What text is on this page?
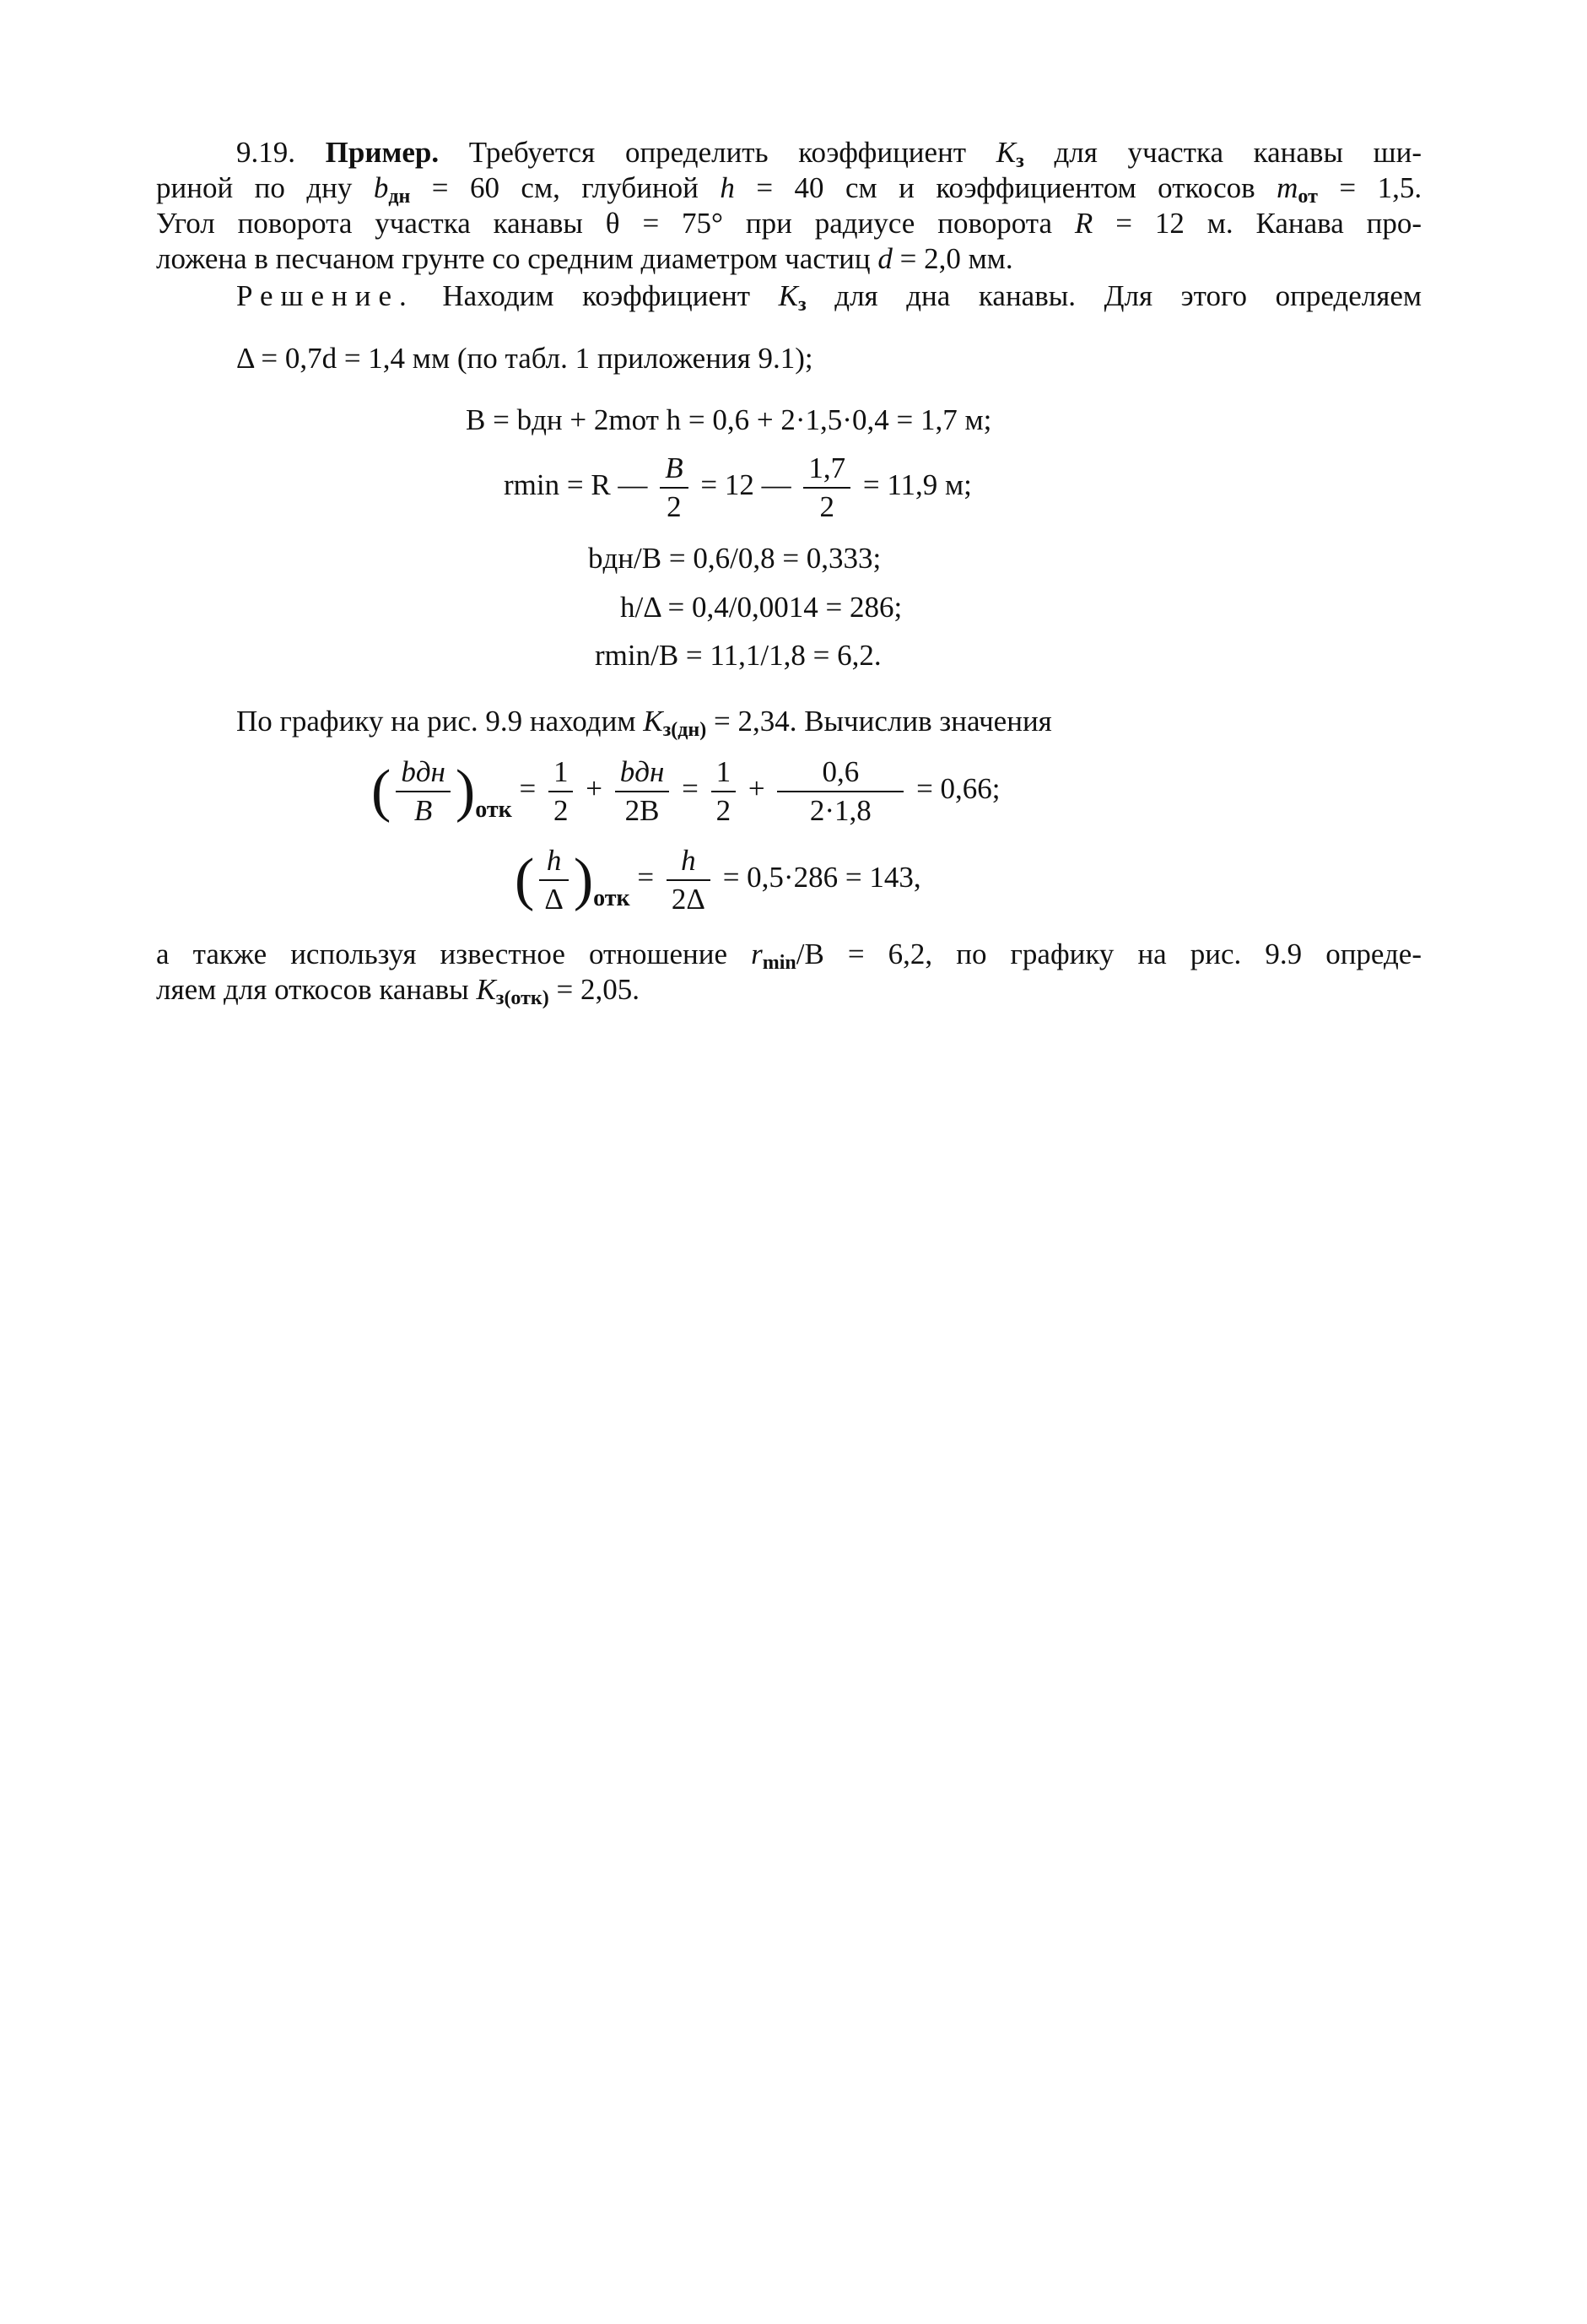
9.19. Пример. Требуется определить коэффициент $K_з$ для участка канавы ши-
риной по дну $b_{дн} = 60$ см, глубиной h = 40 см и коэффициентом откосов $m_{от} = 1,5$.
Угол поворота участка канавы θ = 75° при радиусе поворота R = 12 м. Канава про-
ложена в песчаном грунте со средним диаметром частиц d = 2,0 мм.
Решение. Находим коэффициент $K_з$ для дна канавы. Для этого определяем
Δ = 0,7d = 1,4 мм (по табл. 1 приложения 9.1);
B = bдн + 2mот h = 0,6 + 2·1,5·0,4 = 1,7 м;
rmin = R — $\frac{B}{2} = 12$ — $\frac{1,7}{2} = 11,9$ м;
bдн/B = 0,6/0,8 = 0,333;
h/Δ = 0,4/0,0014 = 286;
rmin/B = 11,1/1,8 = 6,2.
По графику на рис. 9.9 находим $K_{з(дн)} = 2,34$. Вычислив значения
( $\frac{\text{bдн}}{B} )_{отк} = \frac{1}{2} + \frac{\text{bдн}}{2B} = \frac{1}{2} + \frac{0,6}{2\cdot 1,8} = 0,66$;
( $\frac{h}{\Delta} )_{отк} = \frac{h}{2\Delta} = 0,5\cdot 286 = 143$,
а также используя известное отношение $r_{min}/B = 6,2$, по графику на рис. 9.9 опреде-
ляем для откосов канавы $K_{з(отк)} = 2,05$.
